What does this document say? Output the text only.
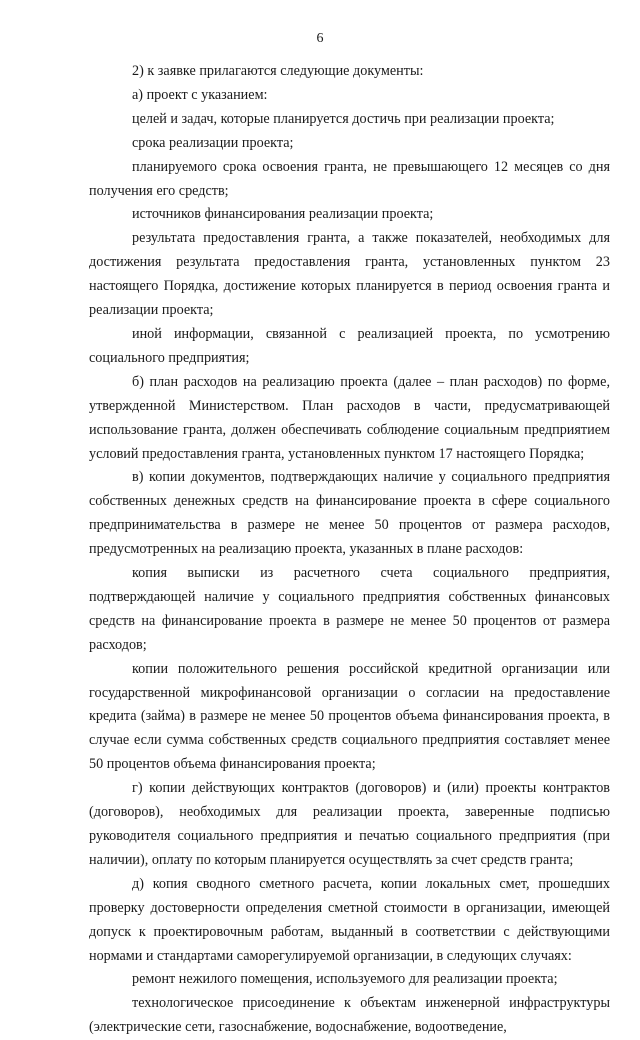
6

2) к заявке прилагаются следующие документы:

а) проект с указанием:

целей и задач, которые планируется достичь при реализации проекта;

срока реализации проекта;

планируемого срока освоения гранта, не превышающего 12 месяцев со дня получения его средств;

источников финансирования реализации проекта;

результата предоставления гранта, а также показателей, необходимых для достижения результата предоставления гранта, установленных пунктом 23 настоящего Порядка, достижение которых планируется в период освоения гранта и реализации проекта;

иной информации, связанной с реализацией проекта, по усмотрению социального предприятия;

б) план расходов на реализацию проекта (далее – план расходов) по форме, утвержденной Министерством. План расходов в части, предусматривающей использование гранта, должен обеспечивать соблюдение социальным предприятием условий предоставления гранта, установленных пунктом 17 настоящего Порядка;

в) копии документов, подтверждающих наличие у социального предприятия собственных денежных средств на финансирование проекта в сфере социального предпринимательства в размере не менее 50 процентов от размера расходов, предусмотренных на реализацию проекта, указанных в плане расходов:

копия выписки из расчетного счета социального предприятия, подтверждающей наличие у социального предприятия собственных финансовых средств на финансирование проекта в размере не менее 50 процентов от размера расходов;

копии положительного решения российской кредитной организации или государственной микрофинансовой организации о согласии на предоставление кредита (займа) в размере не менее 50 процентов объема финансирования проекта, в случае если сумма собственных средств социального предприятия составляет менее 50 процентов объема финансирования проекта;

г) копии действующих контрактов (договоров) и (или) проекты контрактов (договоров), необходимых для реализации проекта, заверенные подписью руководителя социального предприятия и печатью социального предприятия (при наличии), оплату по которым планируется осуществлять за счет средств гранта;

д) копия сводного сметного расчета, копии локальных смет, прошедших проверку достоверности определения сметной стоимости в организации, имеющей допуск к проектировочным работам, выданный в соответствии с действующими нормами и стандартами саморегулируемой организации, в следующих случаях:

ремонт нежилого помещения, используемого для реализации проекта;

технологическое присоединение к объектам инженерной инфраструктуры (электрические сети, газоснабжение, водоснабжение, водоотведение,
